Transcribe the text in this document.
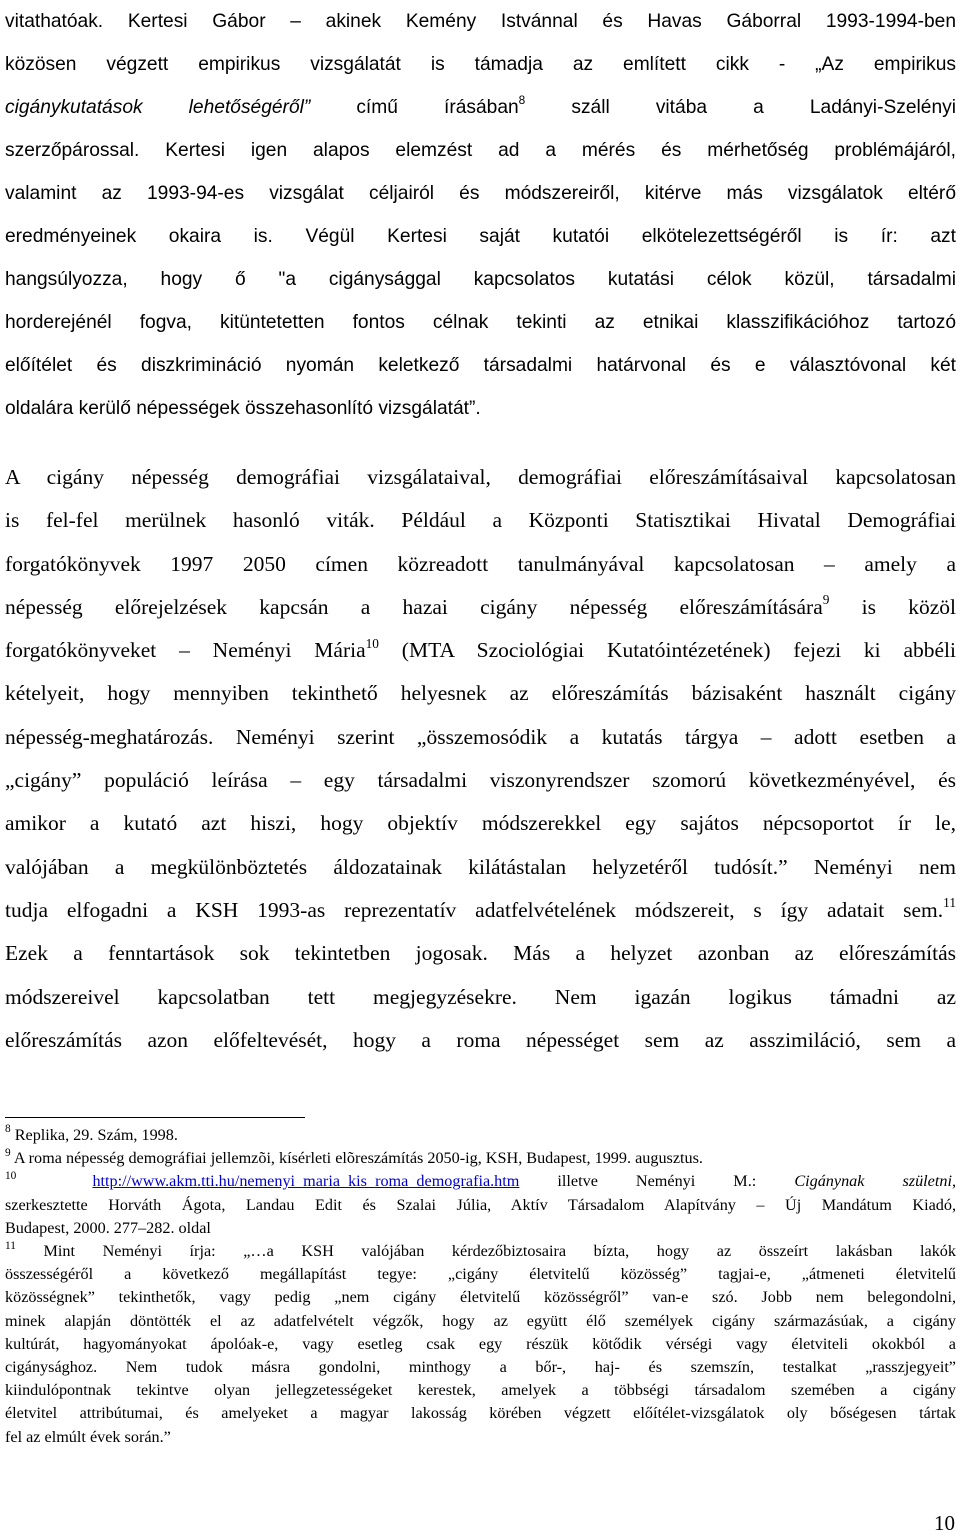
vitathatóak. Kertesi Gábor – akinek Kemény Istvánnal és Havas Gáborral 1993-1994-ben
közösen végzett empirikus vizsgálatát is támadja az említett cikk - „Az empirikus
cigánykutatások lehetőségéről” című írásában$^8$ száll vitába a Ladányi-Szelényi
szerzőpárossal. Kertesi igen alapos elemzést ad a mérés és mérhetőség problémájáról,
valamint az 1993-94-es vizsgálat céljairól és módszereiről, kitérve más vizsgálatok eltérő
eredményeinek okaira is. Végül Kertesi saját kutatói elkötelezettségéről is ír: azt
hangsúlyozza, hogy ő "a cigánysággal kapcsolatos kutatási célok közül, társadalmi
horderejénél fogva, kitüntetetten fontos célnak tekinti az etnikai klasszifikációhoz tartozó
előítélet és diszkrimináció nyomán keletkező társadalmi határvonal és e választóvonal két
oldalára kerülő népességek összehasonlító vizsgálatát”.
A cigány népesség demográfiai vizsgálataival, demográfiai előreszámításaival kapcsolatosan
is fel-fel merülnek hasonló viták. Például a Központi Statisztikai Hivatal Demográfiai
forgatókönyvek 1997 2050 címen közreadott tanulmányával kapcsolatosan – amely a
népesség előrejelzések kapcsán a hazai cigány népesség előreszámítására$^9$ is közöl
forgatókönyveket – Neményi Mária$^{10}$ (MTA Szociológiai Kutatóintézetének) fejezi ki abbéli
kételyeit, hogy mennyiben tekinthető helyesnek az előreszámítás bázisaként használt cigány
népesség-meghatározás. Neményi szerint „összemosódik a kutatás tárgya – adott esetben a
„cigány” populáció leírása – egy társadalmi viszonyrendszer szomorú következményével, és
amikor a kutató azt hiszi, hogy objektív módszerekkel egy sajátos népcsoportot ír le,
valójában a megkülönböztetés áldozatainak kilátástalan helyzetéről tudósít.” Neményi nem
tudja elfogadni a KSH 1993-as reprezentatív adatfelvételének módszereit, s így adatait sem.$^{11}$
Ezek a fenntartások sok tekintetben jogosak. Más a helyzet azonban az előreszámítás
módszereivel kapcsolatban tett megjegyzésekre. Nem igazán logikus támadni az
előreszámítás azon előfeltevését, hogy a roma népességet sem az asszimiláció, sem a
$^8$ Replika, 29. Szám, 1998.
$^9$ A roma népesség demográfiai jellemzõi, kísérleti elõreszámítás 2050-ig, KSH, Budapest, 1999. augusztus.
$^{10}$	http://www.akm.tti.hu/nemenyi_maria_kis_roma_demografia.htm illetve Neményi M.: Cigánynak születni,
szerkesztette Horváth Ágota, Landau Edit és Szalai Júlia, Aktív Társadalom Alapítvány – Új Mandátum Kiadó,
Budapest, 2000. 277–282. oldal
$^{11}$ Mint Neményi írja: „…a KSH valójában kérdezőbiztosaira bízta, hogy az összeírt lakásban lakók
összességéről a következő megállapítást tegye: „cigány életvitelű közösség” tagjai-e, „átmeneti életvitelű
közösségnek” tekinthetők, vagy pedig „nem cigány életvitelű közösségről” van-e szó. Jobb nem belegondolni,
minek alapján döntötték el az adatfelvételt végzők, hogy az együtt élő személyek cigány származásúak, a cigány
kultúrát, hagyományokat ápolóak-e, vagy esetleg csak egy részük kötődik vérségi vagy életviteli okokból a
cigánysághoz. Nem tudok másra gondolni, minthogy a bőr-, haj- és szemszín, testalkat „rasszjegyeit”
kiindulópontnak tekintve olyan jellegzetességeket kerestek, amelyek a többségi társadalom szemében a cigány
életvitel attribútumai, és amelyeket a magyar lakosság körében végzett előítélet-vizsgálatok oly bőségesen tártak
fel az elmúlt évek során.”
10
